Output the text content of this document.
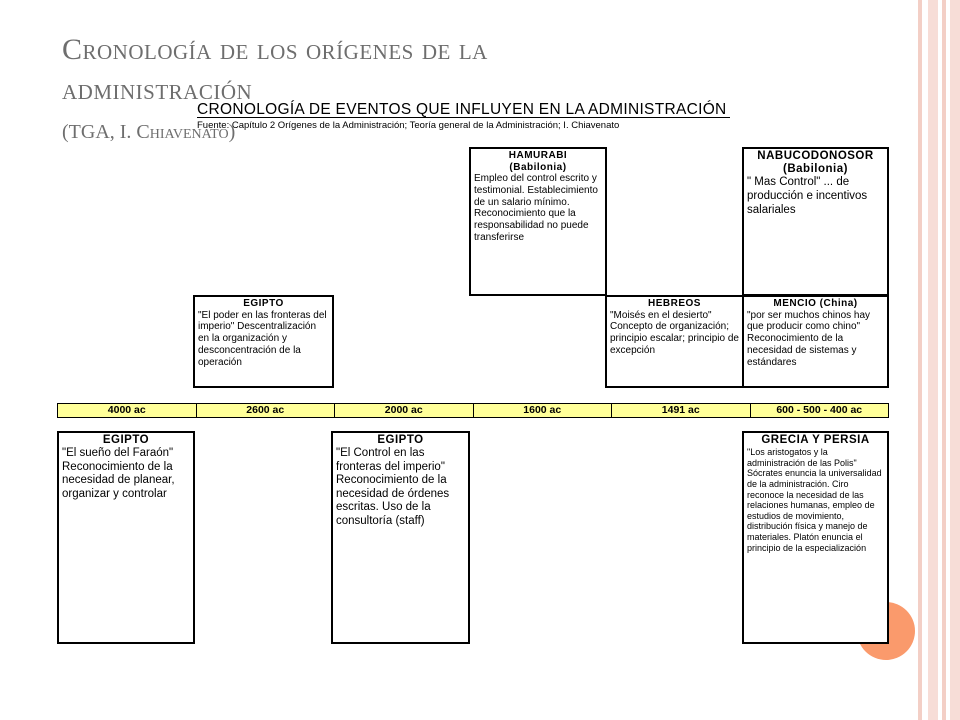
Cronología de los orígenes de la
administración
(TGA, I. Chiavenato)
CRONOLOGÍA DE EVENTOS QUE INFLUYEN EN LA ADMINISTRACIÓN
Fuente: Capítulo 2 Orígenes de la Administración; Teoría general de la Administración; I. Chiavenato
HAMURABI
(Babilonia)
Empleo del control escrito y testimonial. Establecimiento de un salario mínimo. Reconocimiento que la responsabilidad no puede transferirse
NABUCODONOSOR
(Babilonia)
" Mas Control" ... de producción e incentivos salariales
EGIPTO
"El poder en las fronteras del imperio" Descentralización en la organización y desconcentración de la operación
HEBREOS
"Moisés en el desierto" Concepto de organización; principio escalar; principio de excepción
MENCIO (China)
"por ser muchos chinos hay que producir como chino" Reconocimiento de la necesidad de sistemas y estándares
4000 ac	2600 ac	2000 ac	1600 ac	1491 ac	600 - 500 - 400 ac
EGIPTO
"El sueño del Faraón" Reconocimiento de la necesidad de planear, organizar y controlar
EGIPTO
"El Control en las fronteras del imperio" Reconocimiento de la necesidad de órdenes escritas. Uso de la consultoría (staff)
GRECIA Y PERSIA
"Los aristogatos y la administración de las Polis" Sócrates enuncia la universalidad de la administración. Ciro reconoce la necesidad de las relaciones humanas, empleo de estudios de movimiento, distribución física y manejo de materiales. Platón enuncia el principio de la especialización
